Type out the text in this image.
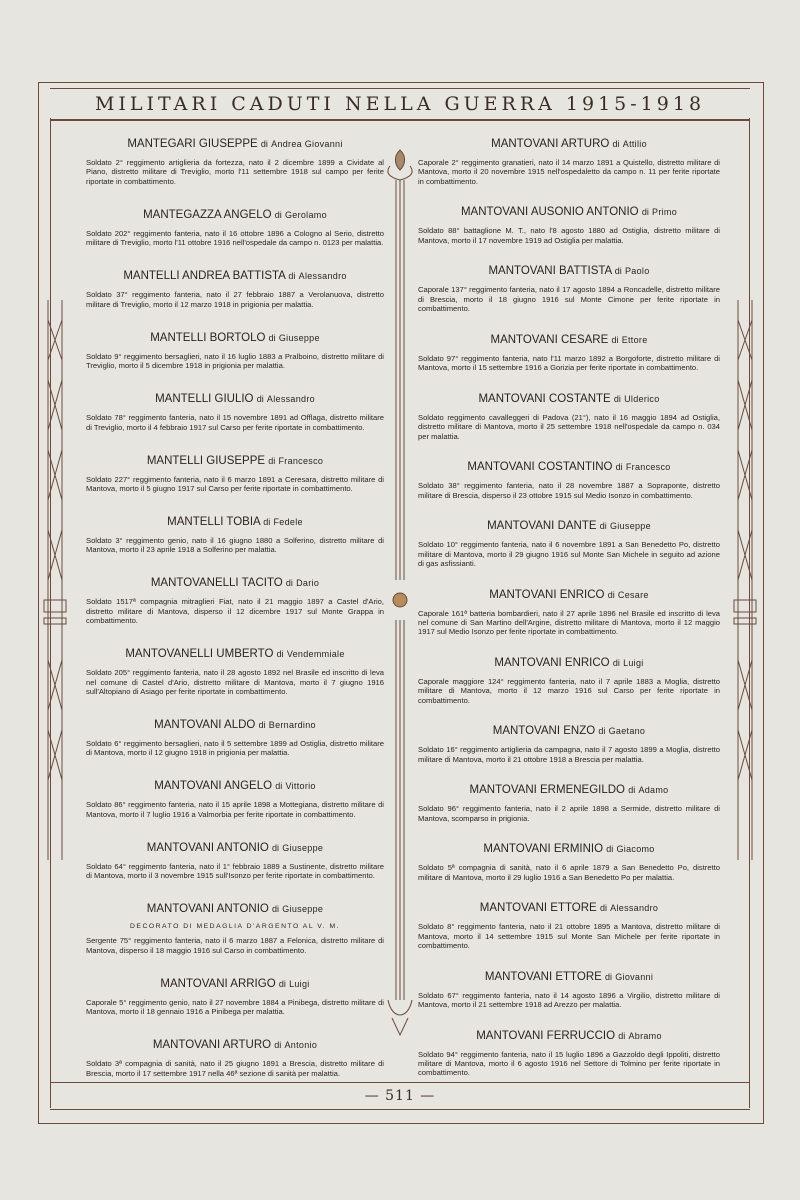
MILITARI CADUTI NELLA GUERRA 1915-1918
MANTEGARI GIUSEPPE di Andrea Giovanni
Soldato 2° reggimento artiglieria da fortezza, nato il 2 dicembre 1899 a Cividate al Piano, distretto militare di Treviglio, morto l'11 settembre 1918 sul campo per ferite riportate in combattimento.
MANTEGAZZA ANGELO di Gerolamo
Soldato 202° reggimento fanteria, nato il 16 ottobre 1896 a Cologno al Serio, distretto militare di Treviglio, morto l'11 ottobre 1916 nell'ospedale da campo n. 0123 per malattia.
MANTELLI ANDREA BATTISTA di Alessandro
Soldato 37° reggimento fanteria, nato il 27 febbraio 1887 a Verolanuova, distretto militare di Treviglio, morto il 12 marzo 1918 in prigionia per malattia.
MANTELLI BORTOLO di Giuseppe
Soldato 9° reggimento bersaglieri, nato il 16 luglio 1883 a Pralboino, distretto militare di Treviglio, morto il 5 dicembre 1918 in prigionia per malattia.
MANTELLI GIULIO di Alessandro
Soldato 78° reggimento fanteria, nato il 15 novembre 1891 ad Offlaga, distretto militare di Treviglio, morto il 4 febbraio 1917 sul Carso per ferite riportate in combattimento.
MANTELLI GIUSEPPE di Francesco
Soldato 227° reggimento fanteria, nato il 6 marzo 1891 a Ceresara, distretto militare di Mantova, morto il 5 giugno 1917 sul Carso per ferite riportate in combattimento.
MANTELLI TOBIA di Fedele
Soldato 3° reggimento genio, nato il 16 giugno 1880 a Solferino, distretto militare di Mantova, morto il 23 aprile 1918 a Solferino per malattia.
MANTOVANELLI TACITO di Dario
Soldato 1517ª compagnia mitraglieri Fiat, nato il 21 maggio 1897 a Castel d'Ario, distretto militare di Mantova, disperso il 12 dicembre 1917 sul Monte Grappa in combattimento.
MANTOVANELLI UMBERTO di Vendemmiale
Soldato 205° reggimento fanteria, nato il 28 agosto 1892 nel Brasile ed inscritto di leva nel comune di Castel d'Ario, distretto militare di Mantova, morto il 7 giugno 1916 sull'Altopiano di Asiago per ferite riportate in combattimento.
MANTOVANI ALDO di Bernardino
Soldato 6° reggimento bersaglieri, nato il 5 settembre 1899 ad Ostiglia, distretto militare di Mantova, morto il 12 giugno 1918 in prigionia per malattia.
MANTOVANI ANGELO di Vittorio
Soldato 86° reggimento fanteria, nato il 15 aprile 1898 a Mottegiana, distretto militare di Mantova, morto il 7 luglio 1916 a Valmorbia per ferite riportate in combattimento.
MANTOVANI ANTONIO di Giuseppe
Soldato 64° reggimento fanteria, nato il 1° febbraio 1889 a Sustinente, distretto militare di Mantova, morto il 3 novembre 1915 sull'Isonzo per ferite riportate in combattimento.
MANTOVANI ANTONIO di Giuseppe
DECORATO DI MEDAGLIA D'ARGENTO AL V. M.
Sergente 75° reggimento fanteria, nato il 6 marzo 1887 a Felonica, distretto militare di Mantova, disperso il 18 maggio 1916 sul Carso in combattimento.
MANTOVANI ARRIGO di Luigi
Caporale 5° reggimento genio, nato il 27 novembre 1884 a Pinibega, distretto militare di Mantova, morto il 18 gennaio 1916 a Pinibega per malattia.
MANTOVANI ARTURO di Antonio
Soldato 3ª compagnia di sanità, nato il 25 giugno 1891 a Brescia, distretto militare di Brescia, morto il 17 settembre 1917 nella 46ª sezione di sanità per malattia.
MANTOVANI ARTURO di Attilio
Caporale 2° reggimento granatieri, nato il 14 marzo 1891 a Quistello, distretto militare di Mantova, morto il 20 novembre 1915 nell'ospedaletto da campo n. 11 per ferite riportate in combattimento.
MANTOVANI AUSONIO ANTONIO di Primo
Soldato 88° battaglione M. T., nato l'8 agosto 1880 ad Ostiglia, distretto militare di Mantova, morto il 17 novembre 1919 ad Ostiglia per malattia.
MANTOVANI BATTISTA di Paolo
Caporale 137° reggimento fanteria, nato il 17 agosto 1894 a Roncadelle, distretto militare di Brescia, morto il 18 giugno 1916 sul Monte Cimone per ferite riportate in combattimento.
MANTOVANI CESARE di Ettore
Soldato 97° reggimento fanteria, nato l'11 marzo 1892 a Borgoforte, distretto militare di Mantova, morto il 15 settembre 1916 a Gorizia per ferite riportate in combattimento.
MANTOVANI COSTANTE di Ulderico
Soldato reggimento cavalleggeri di Padova (21°), nato il 16 maggio 1894 ad Ostiglia, distretto militare di Mantova, morto il 25 settembre 1918 nell'ospedale da campo n. 034 per malattia.
MANTOVANI COSTANTINO di Francesco
Soldato 38° reggimento fanteria, nato il 28 novembre 1887 a Sopraponte, distretto militare di Brescia, disperso il 23 ottobre 1915 sul Medio Isonzo in combattimento.
MANTOVANI DANTE di Giuseppe
Soldato 10° reggimento fanteria, nato il 6 novembre 1891 a San Benedetto Po, distretto militare di Mantova, morto il 29 giugno 1916 sul Monte San Michele in seguito ad azione di gas asfissianti.
MANTOVANI ENRICO di Cesare
Caporale 161ª batteria bombardieri, nato il 27 aprile 1896 nel Brasile ed inscritto di leva nel comune di San Martino dell'Argine, distretto militare di Mantova, morto il 12 maggio 1917 sul Medio Isonzo per ferite riportate in combattimento.
MANTOVANI ENRICO di Luigi
Caporale maggiore 124° reggimento fanteria, nato il 7 aprile 1883 a Moglia, distretto militare di Mantova, morto il 12 marzo 1916 sul Carso per ferite riportate in combattimento.
MANTOVANI ENZO di Gaetano
Soldato 16° reggimento artiglieria da campagna, nato il 7 agosto 1899 a Moglia, distretto militare di Mantova, morto il 21 ottobre 1918 a Brescia per malattia.
MANTOVANI ERMENEGILDO di Adamo
Soldato 96° reggimento fanteria, nato il 2 aprile 1898 a Sermide, distretto militare di Mantova, scomparso in prigionia.
MANTOVANI ERMINIO di Giacomo
Soldato 5ª compagnia di sanità, nato il 6 aprile 1879 a San Benedetto Po, distretto militare di Mantova, morto il 29 luglio 1916 a San Benedetto Po per malattia.
MANTOVANI ETTORE di Alessandro
Soldato 8° reggimento fanteria, nato il 21 ottobre 1895 a Mantova, distretto militare di Mantova, morto il 14 settembre 1915 sul Monte San Michele per ferite riportate in combattimento.
MANTOVANI ETTORE di Giovanni
Soldato 67° reggimento fanteria, nato il 14 agosto 1896 a Virgilio, distretto militare di Mantova, morto il 21 settembre 1918 ad Arezzo per malattia.
MANTOVANI FERRUCCIO di Abramo
Soldato 94° reggimento fanteria, nato il 15 luglio 1896 a Gazzoldo degli Ippoliti, distretto militare di Mantova, morto il 6 agosto 1916 nel Settore di Tolmino per ferite riportate in combattimento.
— 511 —
